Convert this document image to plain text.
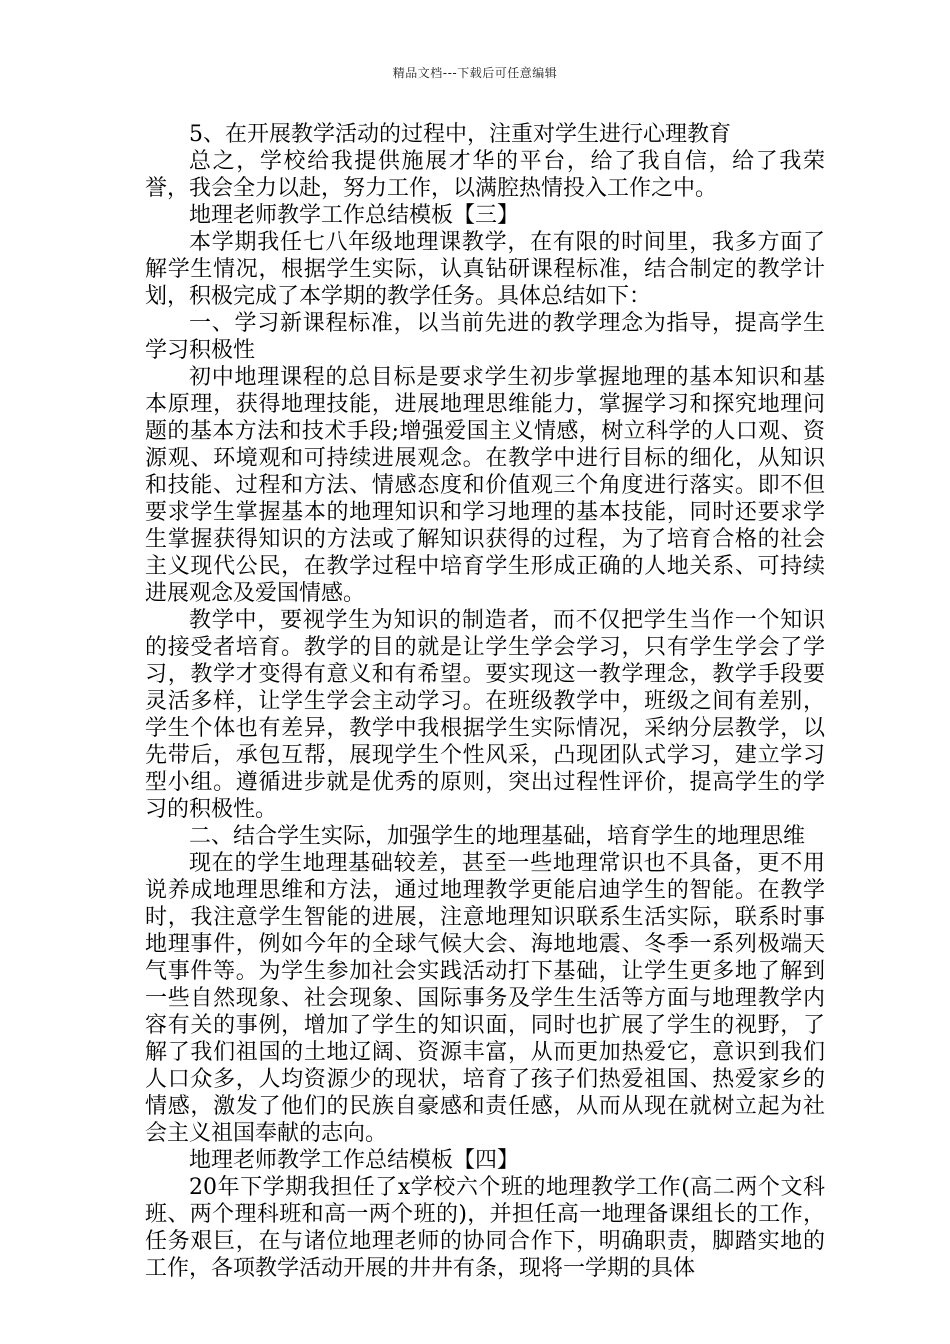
精品文档---下载后可任意编辑

5、在开展教学活动的过程中，注重对学生进行心理教育

总之，学校给我提供施展才华的平台，给了我自信，给了我荣誉，我会全力以赴，努力工作，以满腔热情投入工作之中。

地理老师教学工作总结模板【三】

本学期我任七八年级地理课教学，在有限的时间里，我多方面了解学生情况，根据学生实际，认真钻研课程标准，结合制定的教学计划，积极完成了本学期的教学任务。具体总结如下：

一、学习新课程标准，以当前先进的教学理念为指导，提高学生学习积极性

初中地理课程的总目标是要求学生初步掌握地理的基本知识和基本原理，获得地理技能，进展地理思维能力，掌握学习和探究地理问题的基本方法和技术手段;增强爱国主义情感，树立科学的人口观、资源观、环境观和可持续进展观念。在教学中进行目标的细化，从知识和技能、过程和方法、情感态度和价值观三个角度进行落实。即不但要求学生掌握基本的地理知识和学习地理的基本技能，同时还要求学生掌握获得知识的方法或了解知识获得的过程，为了培育合格的社会主义现代公民，在教学过程中培育学生形成正确的人地关系、可持续进展观念及爱国情感。

教学中，要视学生为知识的制造者，而不仅把学生当作一个知识的接受者培育。教学的目的就是让学生学会学习，只有学生学会了学习，教学才变得有意义和有希望。要实现这一教学理念，教学手段要灵活多样，让学生学会主动学习。在班级教学中，班级之间有差别，学生个体也有差异，教学中我根据学生实际情况，采纳分层教学，以先带后，承包互帮，展现学生个性风采，凸现团队式学习，建立学习型小组。遵循进步就是优秀的原则，突出过程性评价，提高学生的学习的积极性。

二、结合学生实际，加强学生的地理基础，培育学生的地理思维

现在的学生地理基础较差，甚至一些地理常识也不具备，更不用说养成地理思维和方法，通过地理教学更能启迪学生的智能。在教学时，我注意学生智能的进展，注意地理知识联系生活实际，联系时事地理事件，例如今年的全球气候大会、海地地震、冬季一系列极端天气事件等。为学生参加社会实践活动打下基础，让学生更多地了解到一些自然现象、社会现象、国际事务及学生生活等方面与地理教学内容有关的事例，增加了学生的知识面，同时也扩展了学生的视野，了解了我们祖国的土地辽阔、资源丰富，从而更加热爱它，意识到我们人口众多，人均资源少的现状，培育了孩子们热爱祖国、热爱家乡的情感，激发了他们的民族自豪感和责任感，从而从现在就树立起为社会主义祖国奉献的志向。

地理老师教学工作总结模板【四】

20年下学期我担任了x学校六个班的地理教学工作(高二两个文科班、两个理科班和高一两个班的)，并担任高一地理备课组长的工作，任务艰巨，在与诸位地理老师的协同合作下，明确职责，脚踏实地的工作，各项教学活动开展的井井有条，现将一学期的具体
